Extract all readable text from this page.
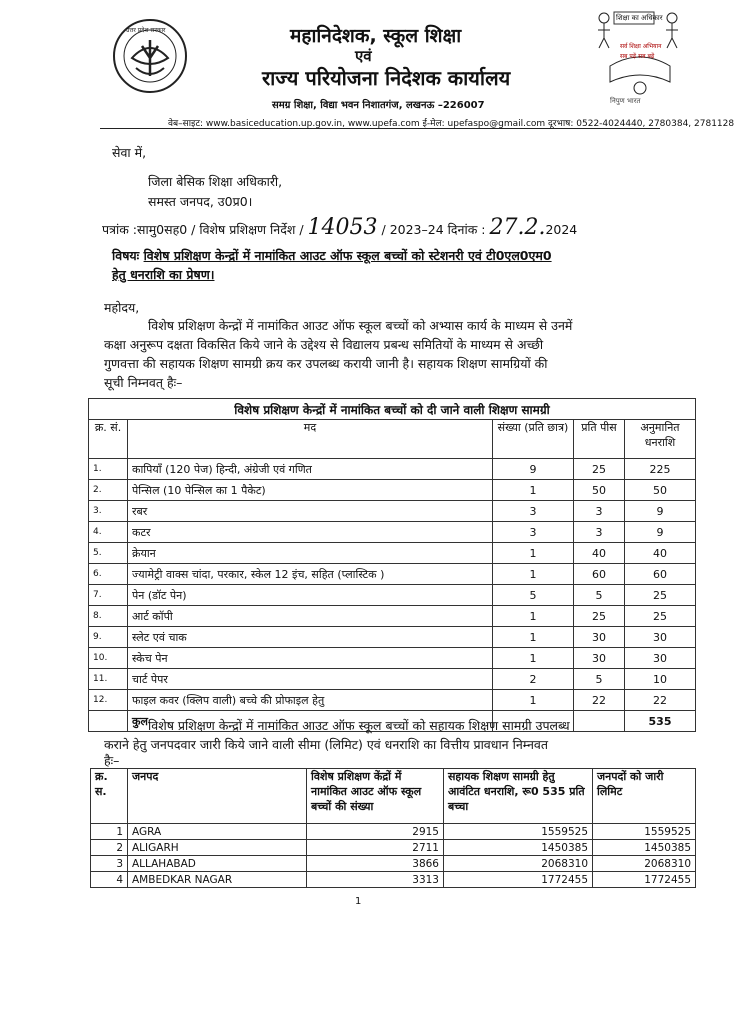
उत्तर प्रदेश सरकार
शिक्षा का अधिकार
सर्व शिक्षा अभियान
सब पढ़ें सब बढ़ें
निपुण भारत
महानिदेशक, स्कूल शिक्षा
एवं
राज्य परियोजना निदेशक कार्यालय
समग्र शिक्षा, विद्या भवन निशातगंज, लखनऊ –226007
वेब–साइट: www.basiceducation.up.gov.in, www.upefa.com ई-मेल: upefaspo@gmail.com दूरभाष: 0522-4024440, 2780384, 2781128
सेवा में,
जिला बेसिक शिक्षा अधिकारी,
समस्त जनपद, उ0प्र0।
पत्रांक :सामु0सह0 / विशेष प्रशिक्षण निर्देश / 14053 / 2023–24 दिनांक : 27.2.2024
विषयः विशेष प्रशिक्षण केन्द्रों में नामांकित आउट ऑफ स्कूल बच्चों को स्टेशनरी एवं टी0एल0एम0
हेतु धनराशि का प्रेषण।
महोदय,
विशेष प्रशिक्षण केन्द्रों में नामांकित आउट ऑफ स्कूल बच्चों को अभ्यास कार्य के माध्यम से उनमें
कक्षा अनुरूप दक्षता विकसित किये जाने के उद्देश्य से विद्यालय प्रबन्ध समितियों के माध्यम से अच्छी
गुणवत्ता की सहायक शिक्षण सामग्री क्रय कर उपलब्ध करायी जानी है। सहायक शिक्षण सामग्रियों की
सूची निम्नवत् हैः–
विशेष प्रशिक्षण केन्द्रों में नामांकित बच्चों को दी जाने वाली शिक्षण सामग्री				
क्र. सं.	मद	संख्या (प्रति छात्र)	प्रति पीस	अनुमानित धनराशि
1.	कापियाँ (120 पेज) हिन्दी, अंग्रेजी एवं गणित	9	25	225
2.	पेन्सिल (10 पेन्सिल का 1 पैकेट)	1	50	50
3.	रबर	3	3	9
4.	कटर	3	3	9
5.	क्रेयान	1	40	40
6.	ज्यामेट्री वाक्स चांदा, परकार, स्केल 12 इंच, सहित (प्लास्टिक )	1	60	60
7.	पेन (डॉट पेन)	5	5	25
8.	आर्ट कॉपी	1	25	25
9.	स्लेट एवं चाक	1	30	30
10.	स्केच पेन	1	30	30
11.	चार्ट पेपर	2	5	10
12.	फाइल कवर (क्लिप वाली) बच्चे की प्रोफाइल हेतु	1	22	22
	कुल			535
विशेष प्रशिक्षण केन्द्रों में नामांकित आउट ऑफ स्कूल बच्चों को सहायक शिक्षण सामग्री उपलब्ध
कराने हेतु जनपदवार जारी किये जाने वाली सीमा (लिमिट) एवं धनराशि का वित्तीय प्रावधान निम्नवत
हैः–
क्र. स.	जनपद	विशेष प्रशिक्षण केंद्रों में नामांकित आउट ऑफ स्कूल बच्चों की संख्या	सहायक शिक्षण सामग्री हेतु आवंटित धनराशि, रू0 535 प्रति बच्चा	जनपदों को जारी लिमिट
1	AGRA	2915	1559525	1559525
2	ALIGARH	2711	1450385	1450385
3	ALLAHABAD	3866	2068310	2068310
4	AMBEDKAR NAGAR	3313	1772455	1772455
1
